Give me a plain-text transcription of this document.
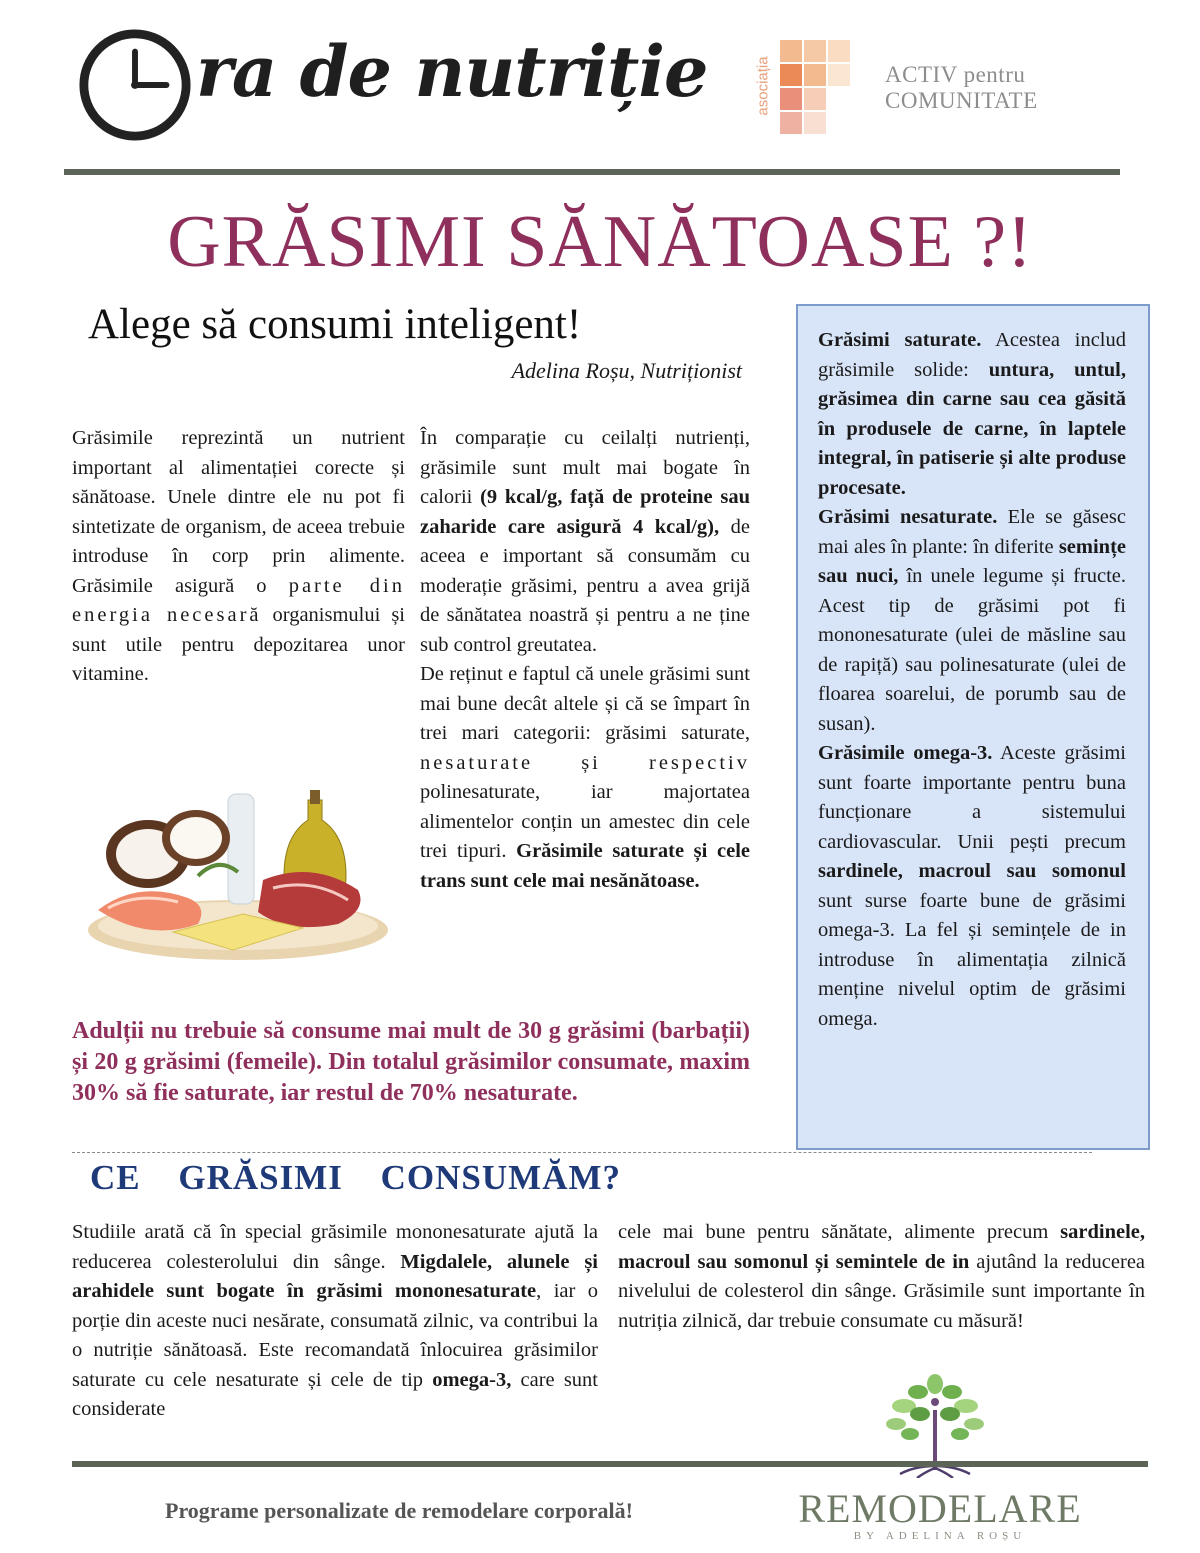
ra de nutriție	asociația	ACTIV pentru
COMUNITATE
GRĂSIMI SĂNĂTOASE ?!
Alege să consumi inteligent!
Adelina Roșu, Nutriționist
Grăsimile reprezintă un nutrient important al alimentației corecte și sănătoase. Unele dintre ele nu pot fi sintetizate de organism, de aceea trebuie introduse în corp prin alimente. Grăsimile asigură o parte din energia necesară organismului și sunt utile pentru depozitarea unor vitamine.
În comparație cu ceilalți nutrienți, grăsimile sunt mult mai bogate în calorii (9 kcal/g, față de proteine sau zaharide care asigură 4 kcal/g), de aceea e important să consumăm cu moderație grăsimi, pentru a avea grijă de sănătatea noastră și pentru a ne ține sub control greutatea.
De reținut e faptul că unele grăsimi sunt mai bune decât altele și că se împart în trei mari categorii: grăsimi saturate, nesaturate și respectiv polinesaturate, iar majortatea alimentelor conțin un amestec din cele trei tipuri. Grăsimile saturate și cele trans sunt cele mai nesănătoase.
Adulții nu trebuie să consume mai mult de 30 g grăsimi (barbații) și 20 g grăsimi (femeile). Din totalul grăsimilor consumate, maxim 30% să fie saturate, iar restul de 70% nesaturate.

Grăsimi saturate. Acestea includ grăsimile solide: untura, untul, grăsimea din carne sau cea găsită în produsele de carne, în laptele integral, în patiserie și alte produse procesate.

Grăsimi nesaturate. Ele se găsesc mai ales în plante: în diferite semințe sau nuci, în unele legume și fructe. Acest tip de grăsimi pot fi mononesaturate (ulei de măsline sau de rapiță) sau polinesaturate (ulei de floarea soarelui, de porumb sau de susan).

Grăsimile omega-3. Aceste grăsimi sunt foarte importante pentru buna funcționare a sistemului cardiovascular. Unii pești precum sardinele, macroul sau somonul sunt surse foarte bune de grăsimi omega-3. La fel și semințele de in introduse în alimentația zilnică menține nivelul optim de grăsimi omega.

CE GRĂSIMI CONSUMĂM?
Studiile arată că în special grăsimile mononesaturate ajută la reducerea colesterolului din sânge. Migdalele, alunele și arahidele sunt bogate în grăsimi mononesaturate, iar o porție din aceste nuci nesărate, consumată zilnic, va contribui la o nutriție sănătoasă. Este recomandată înlocuirea grăsimilor saturate cu cele nesaturate și cele de tip omega-3, care sunt considerate
cele mai bune pentru sănătate, alimente precum sardinele, macroul sau somonul și semintele de in ajutând la reducerea nivelului de colesterol din sânge. Grăsimile sunt importante în nutriția zilnică, dar trebuie consumate cu măsură!
Programe personalizate de remodelare corporală!	REMODELARE
BY ADELINA ROȘU
